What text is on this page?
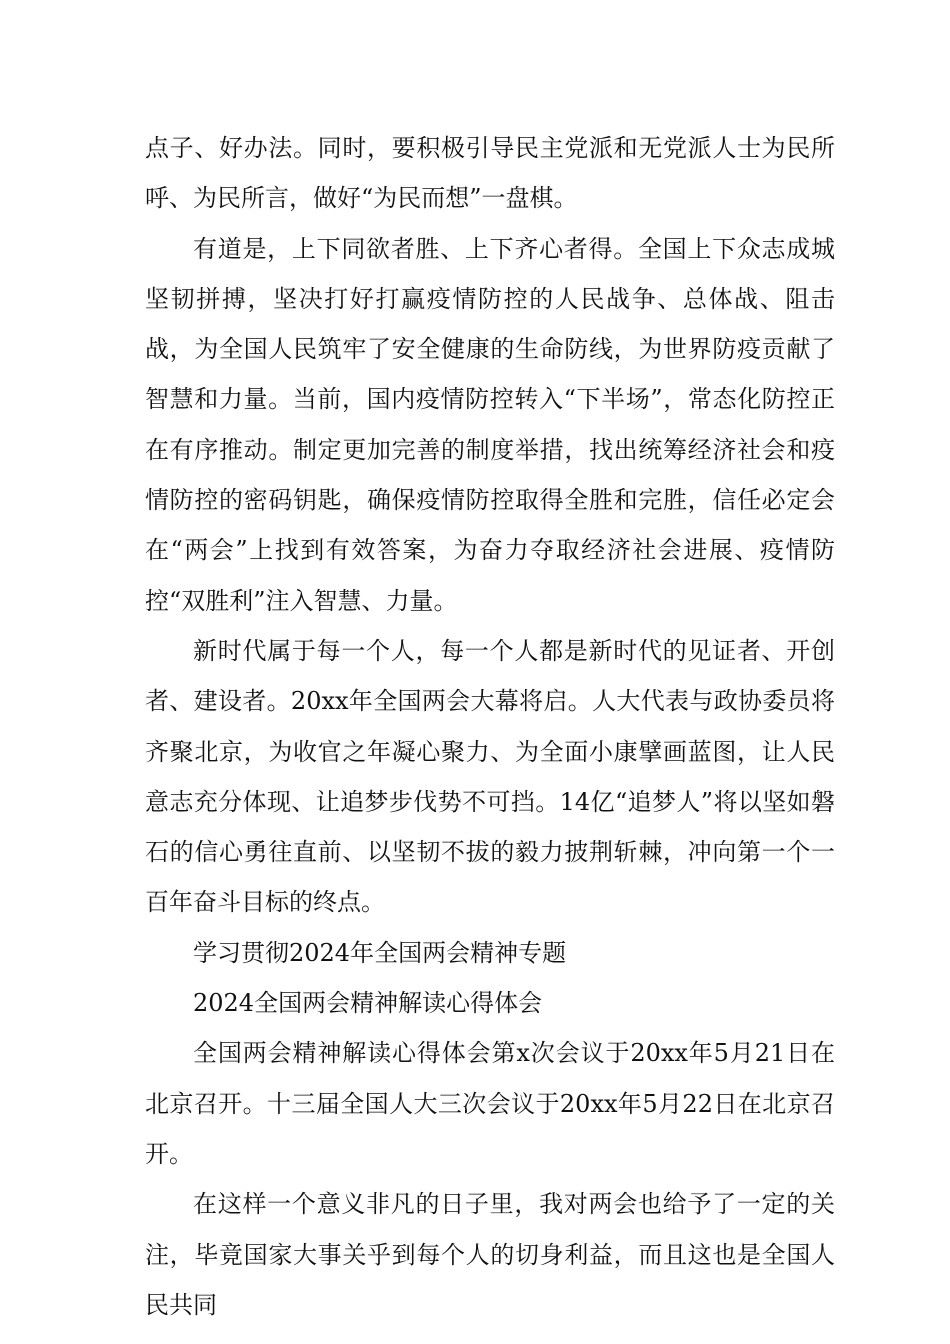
点子、好办法。同时，要积极引导民主党派和无党派人士为民所呼、为民所言，做好“为民而想”一盘棋。

有道是，上下同欲者胜、上下齐心者得。全国上下众志成城坚韧拼搏，坚决打好打赢疫情防控的人民战争、总体战、阻击战，为全国人民筑牢了安全健康的生命防线，为世界防疫贡献了智慧和力量。当前，国内疫情防控转入“下半场”，常态化防控正在有序推动。制定更加完善的制度举措，找出统筹经济社会和疫情防控的密码钥匙，确保疫情防控取得全胜和完胜，信任必定会在“两会”上找到有效答案，为奋力夺取经济社会进展、疫情防控“双胜利”注入智慧、力量。

新时代属于每一个人，每一个人都是新时代的见证者、开创者、建设者。20xx年全国两会大幕将启。人大代表与政协委员将齐聚北京，为收官之年凝心聚力、为全面小康擘画蓝图，让人民意志充分体现、让追梦步伐势不可挡。14亿“追梦人”将以坚如磐石的信心勇往直前、以坚韧不拔的毅力披荆斩棘，冲向第一个一百年奋斗目标的终点。

学习贯彻2024年全国两会精神专题

2024全国两会精神解读心得体会

全国两会精神解读心得体会第x次会议于20xx年5月21日在北京召开。十三届全国人大三次会议于20xx年5月22日在北京召开。

在这样一个意义非凡的日子里，我对两会也给予了一定的关注，毕竟国家大事关乎到每个人的切身利益，而且这也是全国人民共同
